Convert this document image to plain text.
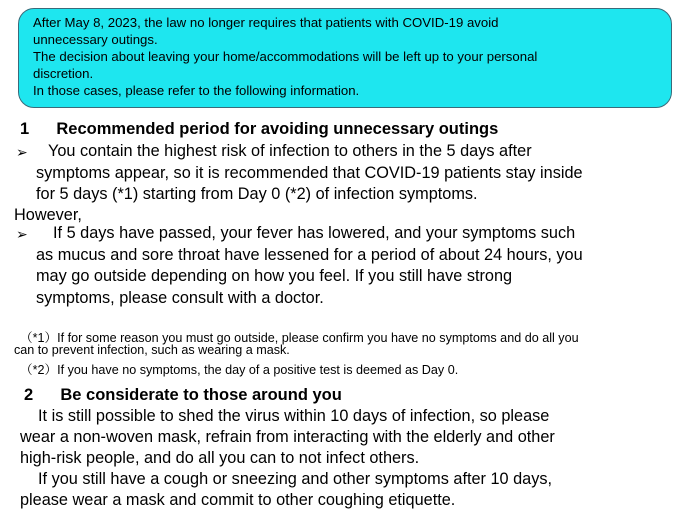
After May 8, 2023, the law no longer requires that patients with COVID-19 avoid
unnecessary outings.
The decision about leaving your home/accommodations will be left up to your personal
discretion.
In those cases, please refer to the following information.
1 Recommended period for avoiding unnecessary outings
➢ You contain the highest risk of infection to others in the 5 days after
symptoms appear, so it is recommended that COVID-19 patients stay inside
for 5 days (*1) starting from Day 0 (*2) of infection symptoms.
However,
➢ If 5 days have passed, your fever has lowered, and your symptoms such
as mucus and sore throat have lessened for a period of about 24 hours, you
may go outside depending on how you feel. If you still have strong
symptoms, please consult with a doctor.
（*1）If for some reason you must go outside, please confirm you have no symptoms and do all you
can to prevent infection, such as wearing a mask.
（*2）If you have no symptoms, the day of a positive test is deemed as Day 0.
2 Be considerate to those around you
It is still possible to shed the virus within 10 days of infection, so please
wear a non-woven mask, refrain from interacting with the elderly and other
high-risk people, and do all you can to not infect others.
If you still have a cough or sneezing and other symptoms after 10 days,
please wear a mask and commit to other coughing etiquette.
